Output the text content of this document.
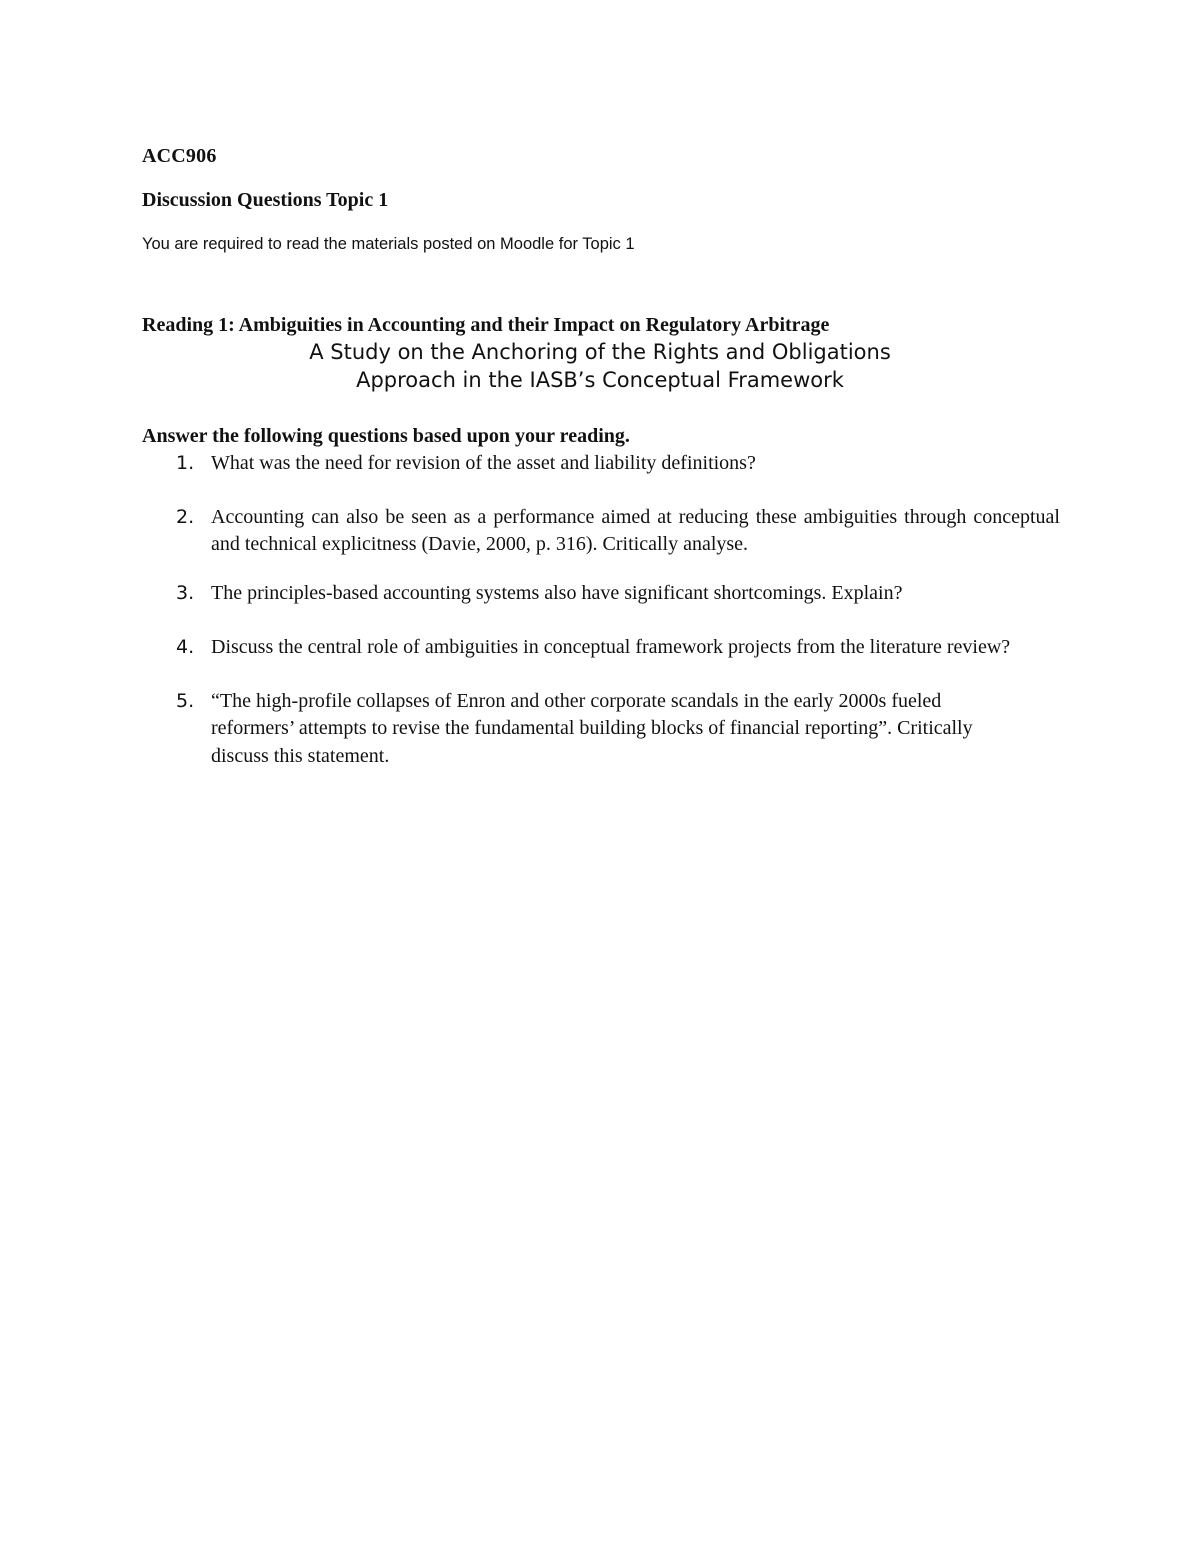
ACC906
Discussion Questions Topic 1
You are required to read the materials posted on Moodle for Topic 1
Reading 1: Ambiguities in Accounting and their Impact on Regulatory Arbitrage
A Study on the Anchoring of the Rights and Obligations
Approach in the IASB’s Conceptual Framework
Answer the following questions based upon your reading.
1. What was the need for revision of the asset and liability definitions?
2. Accounting can also be seen as a performance aimed at reducing these ambiguities through conceptual and technical explicitness (Davie, 2000, p. 316). Critically analyse.
3. The principles-based accounting systems also have significant shortcomings. Explain?
4. Discuss the central role of ambiguities in conceptual framework projects from the literature review?
5. “The high-profile collapses of Enron and other corporate scandals in the early 2000s fueled reformers’ attempts to revise the fundamental building blocks of financial reporting”. Critically discuss this statement.
